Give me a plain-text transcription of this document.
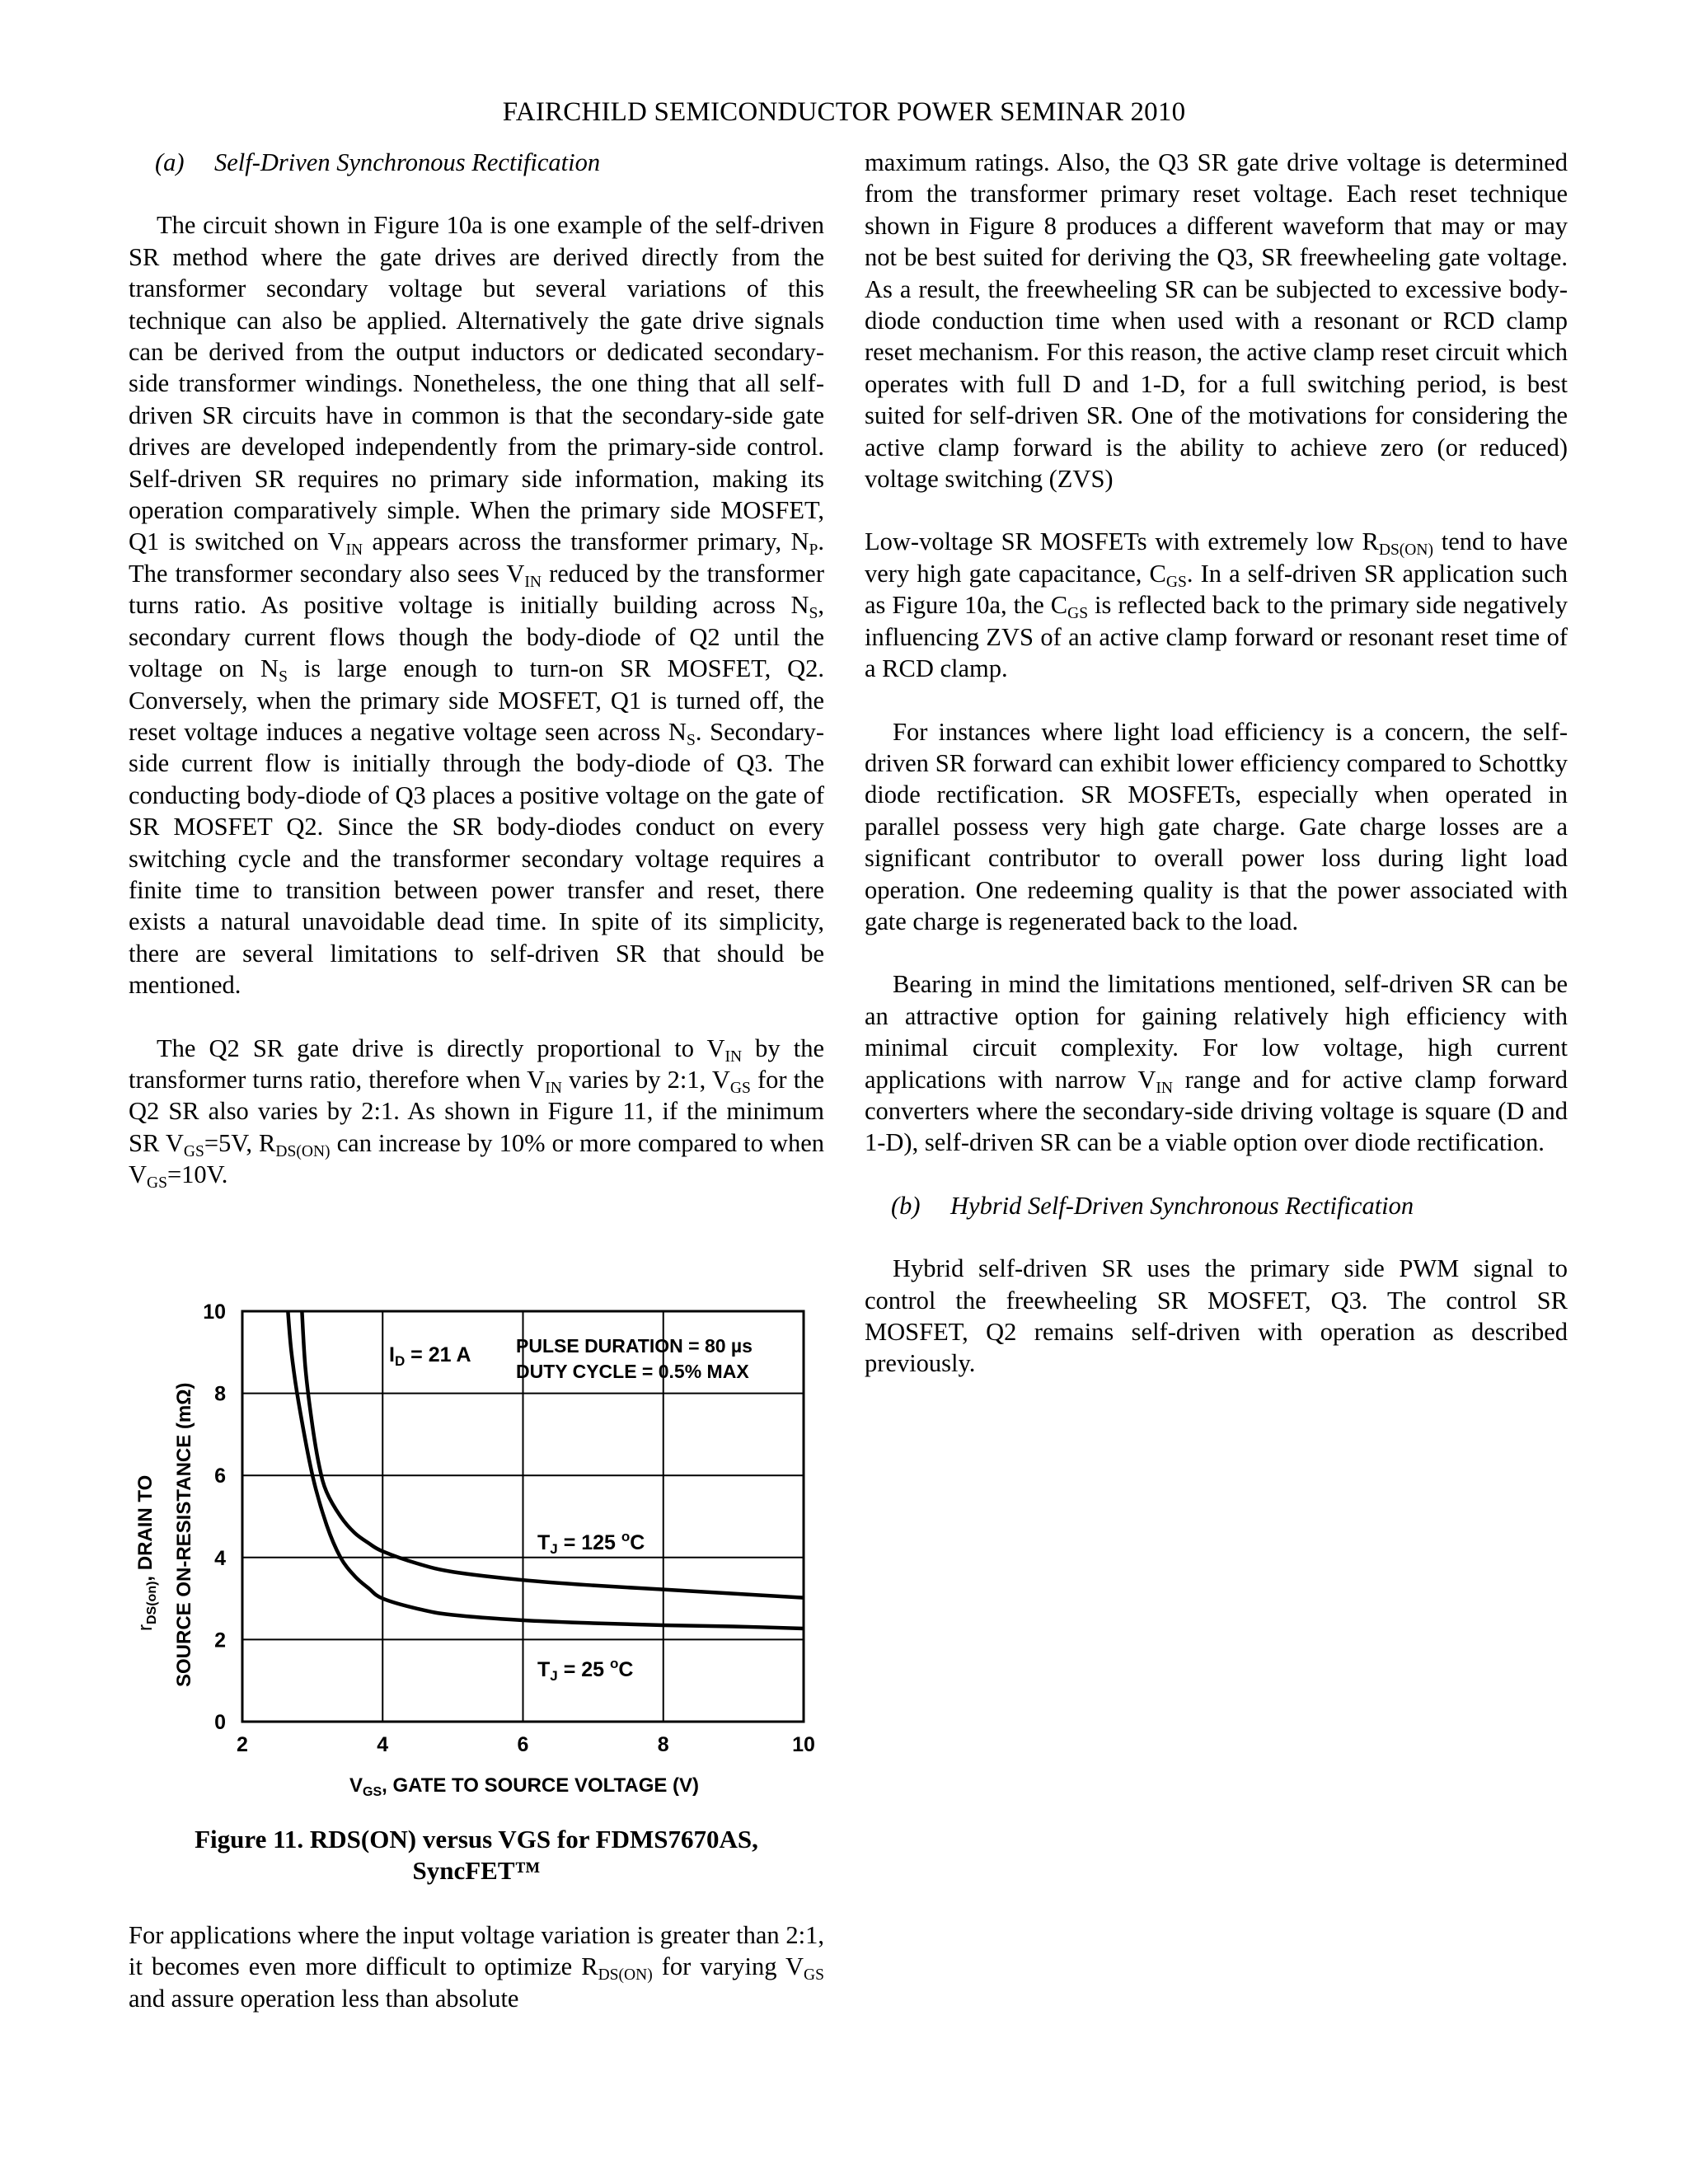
FAIRCHILD SEMICONDUCTOR POWER SEMINAR 2010
(a) Self-Driven Synchronous Rectification

The circuit shown in Figure 10a is one example of the self-driven SR method where the gate drives are derived directly from the transformer secondary voltage but several variations of this technique can also be applied. Alternatively the gate drive signals can be derived from the output inductors or dedicated secondary-side transformer windings. Nonetheless, the one thing that all self-driven SR circuits have in common is that the secondary-side gate drives are developed independently from the primary-side control. Self-driven SR requires no primary side information, making its operation comparatively simple. When the primary side MOSFET, Q1 is switched on $V_{IN}$ appears across the transformer primary, $N_P$. The transformer secondary also sees $V_{IN}$ reduced by the transformer turns ratio. As positive voltage is initially building across $N_S$, secondary current flows though the body-diode of Q2 until the voltage on $N_S$ is large enough to turn-on SR MOSFET, Q2. Conversely, when the primary side MOSFET, Q1 is turned off, the reset voltage induces a negative voltage seen across $N_S$. Secondary-side current flow is initially through the body-diode of Q3. The conducting body-diode of Q3 places a positive voltage on the gate of SR MOSFET Q2. Since the SR body-diodes conduct on every switching cycle and the transformer secondary voltage requires a finite time to transition between power transfer and reset, there exists a natural unavoidable dead time. In spite of its simplicity, there are several limitations to self-driven SR that should be mentioned.

The Q2 SR gate drive is directly proportional to $V_{IN}$ by the transformer turns ratio, therefore when $V_{IN}$ varies by 2:1, $V_{GS}$ for the Q2 SR also varies by 2:1. As shown in Figure 11, if the minimum SR $V_{GS}=5V$, $R_{DS(ON)}$ can increase by 10% or more compared to when $V_{GS}=10V$.

2	4	6	8	10
0
2
4
6
8
10
$I_D = 21$ A PULSE DURATION = 80 µs
DUTY CYCLE = 0.5% MAX
$T_J = 125$ $^o$C
$T_J = 25$ $^o$C
$V_{GS}$, GATE TO SOURCE VOLTAGE (V)
$r_{DS(on)}$, DRAIN TO SOURCE ON-RESISTANCE (mΩ)
Figure 11. RDS(ON) versus VGS for FDMS7670AS,
SyncFET™

For applications where the input voltage variation is greater than 2:1, it becomes even more difficult to optimize $R_{DS(ON)}$ for varying $V_{GS}$ and assure operation less than absolute

maximum ratings. Also, the Q3 SR gate drive voltage is determined from the transformer primary reset voltage. Each reset technique shown in Figure 8 produces a different waveform that may or may not be best suited for deriving the Q3, SR freewheeling gate voltage. As a result, the freewheeling SR can be subjected to excessive body-diode conduction time when used with a resonant or RCD clamp reset mechanism. For this reason, the active clamp reset circuit which operates with full D and 1-D, for a full switching period, is best suited for self-driven SR. One of the motivations for considering the active clamp forward is the ability to achieve zero (or reduced) voltage switching (ZVS)

Low-voltage SR MOSFETs with extremely low $R_{DS(ON)}$ tend to have very high gate capacitance, $C_{GS}$. In a self-driven SR application such as Figure 10a, the $C_{GS}$ is reflected back to the primary side negatively influencing ZVS of an active clamp forward or resonant reset time of a RCD clamp.

For instances where light load efficiency is a concern, the self-driven SR forward can exhibit lower efficiency compared to Schottky diode rectification. SR MOSFETs, especially when operated in parallel possess very high gate charge. Gate charge losses are a significant contributor to overall power loss during light load operation. One redeeming quality is that the power associated with gate charge is regenerated back to the load.

Bearing in mind the limitations mentioned, self-driven SR can be an attractive option for gaining relatively high efficiency with minimal circuit complexity. For low voltage, high current applications with narrow $V_{IN}$ range and for active clamp forward converters where the secondary-side driving voltage is square (D and 1-D), self-driven SR can be a viable option over diode rectification.

(b) Hybrid Self-Driven Synchronous Rectification

Hybrid self-driven SR uses the primary side PWM signal to control the freewheeling SR MOSFET, Q3. The control SR MOSFET, Q2 remains self-driven with operation as described previously.
